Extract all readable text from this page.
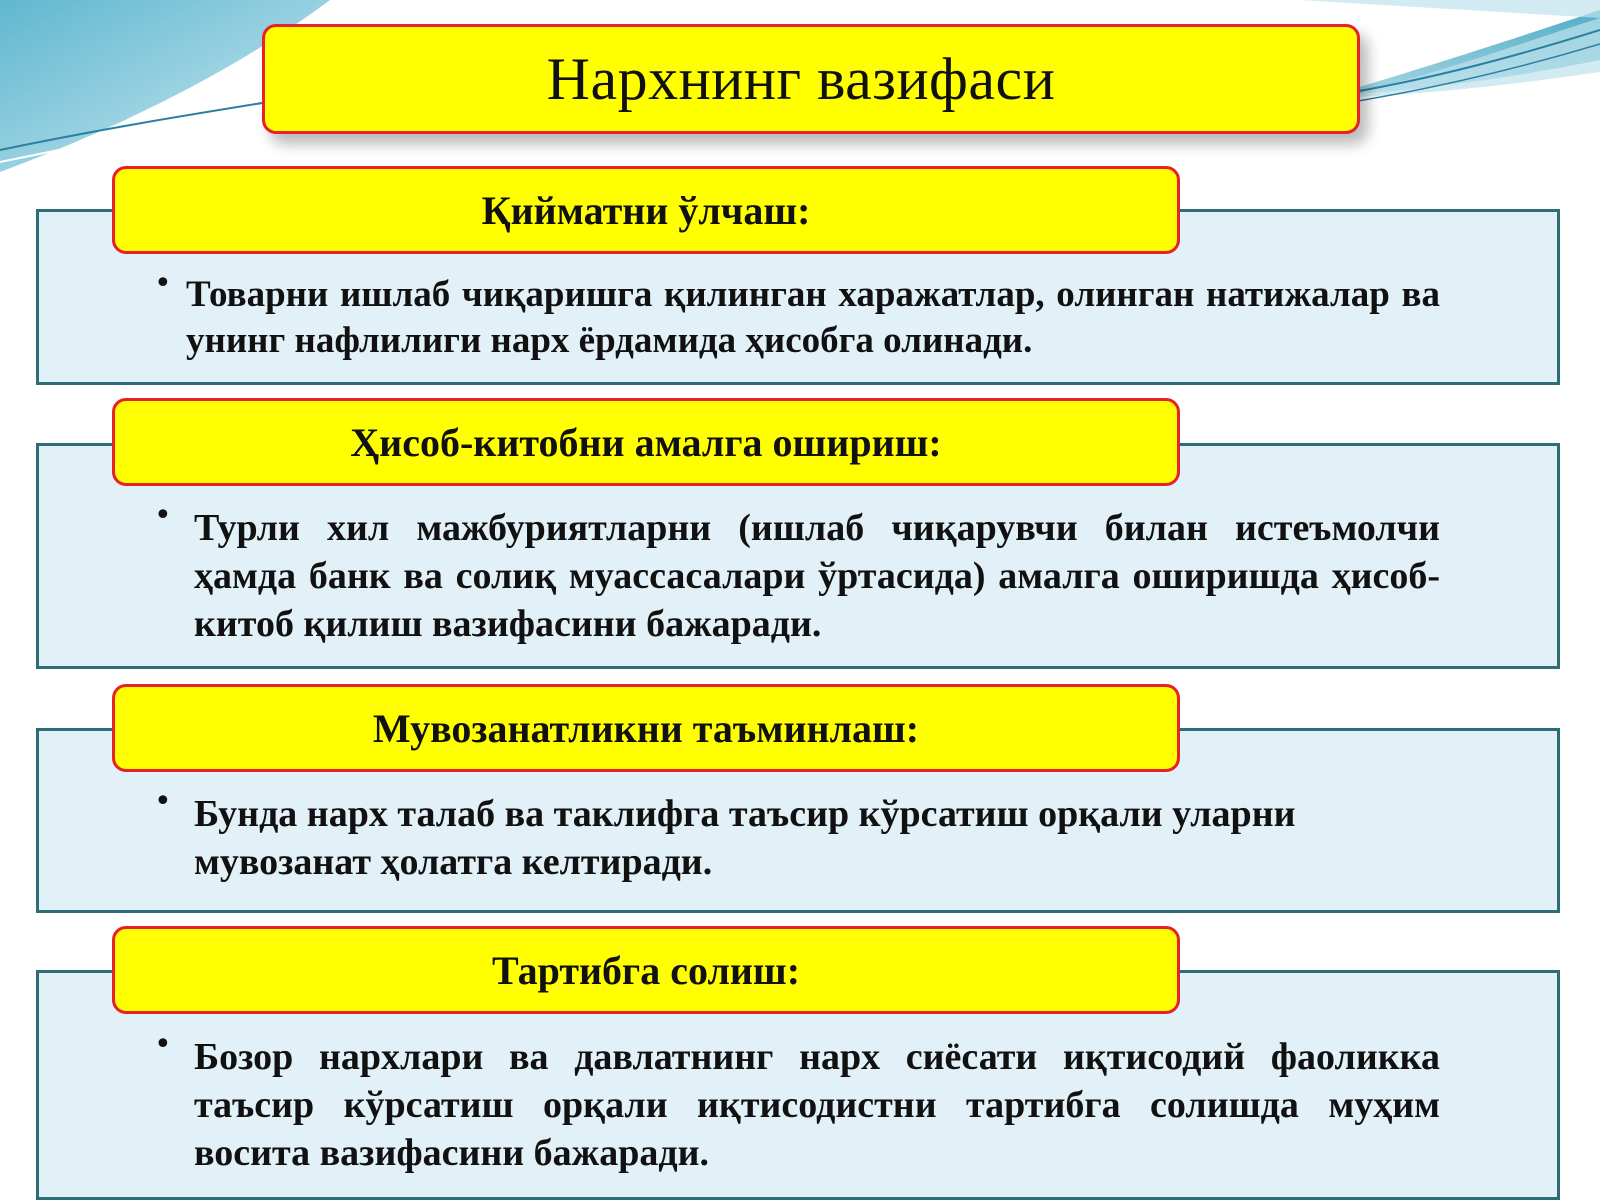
Нархнинг вазифаси
Қийматни ўлчаш:
• Товарни ишлаб чиқаришга қилинган харажатлар, олинган натижалар ва унинг нафлилиги нарх ёрдамида ҳисобга олинади.
Ҳисоб-китобни амалга ошириш:
• Турли хил мажбуриятларни (ишлаб чиқарувчи билан истеъмолчи ҳамда банк ва солиқ муассасалари ўртасида) амалга оширишда ҳисоб-китоб қилиш вазифасини бажаради.
Мувозанатликни таъминлаш:
• Бунда нарх талаб ва таклифга таъсир кўрсатиш орқали уларни мувозанат ҳолатга келтиради.
Тартибга солиш:
• Бозор нархлари ва давлатнинг нарх сиёсати иқтисодий фаоликка таъсир кўрсатиш орқали иқтисодистни тартибга солишда муҳим восита вазифасини бажаради.
